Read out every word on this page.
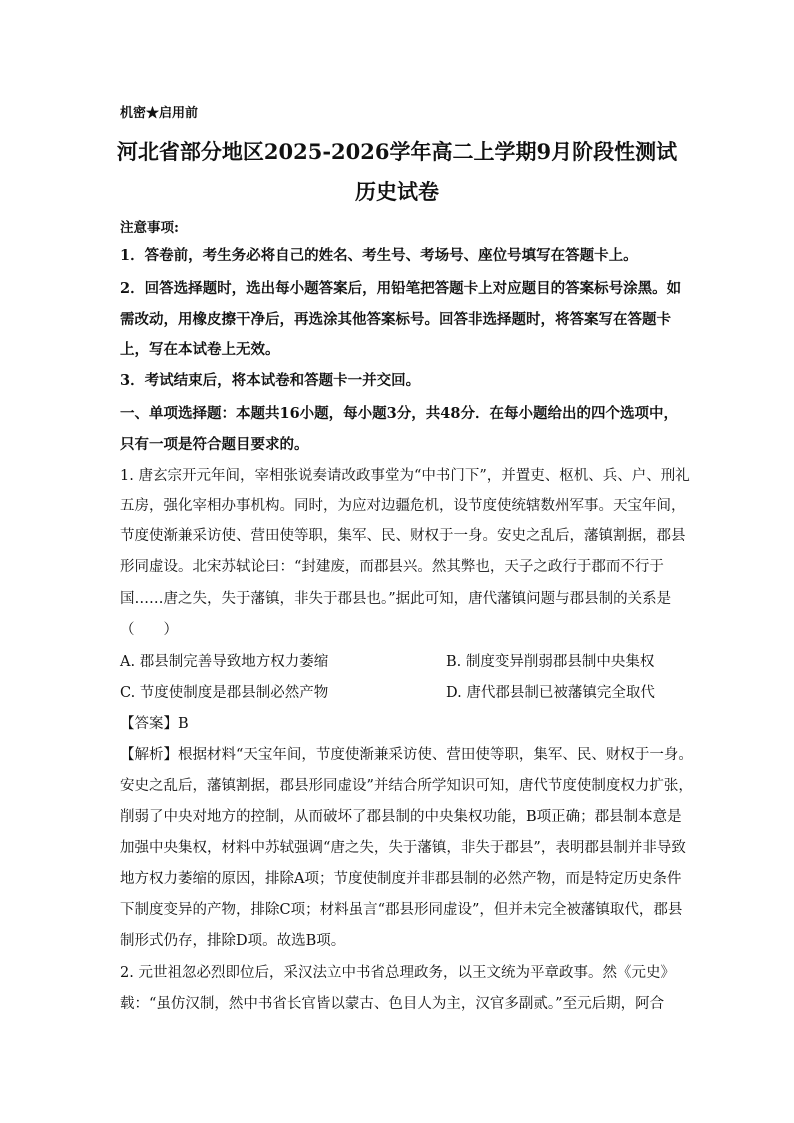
机密★启用前
河北省部分地区2025-2026学年高二上学期9月阶段性测试
历史试卷
注意事项:
1．答卷前，考生务必将自己的姓名、考生号、考场号、座位号填写在答题卡上。
2．回答选择题时，选出每小题答案后，用铅笔把答题卡上对应题目的答案标号涂黑。如
需改动，用橡皮擦干净后，再选涂其他答案标号。回答非选择题时，将答案写在答题卡
上，写在本试卷上无效。
3．考试结束后，将本试卷和答题卡一并交回。
一、单项选择题：本题共16小题，每小题3分，共48分．在每小题给出的四个选项中，
只有一项是符合题目要求的。
1. 唐玄宗开元年间，宰相张说奏请改政事堂为“中书门下”，并置吏、枢机、兵、户、刑礼
五房，强化宰相办事机构。同时，为应对边疆危机，设节度使统辖数州军事。天宝年间，
节度使渐兼采访使、营田使等职，集军、民、财权于一身。安史之乱后，藩镇割据，郡县
形同虚设。北宋苏轼论曰：“封建废，而郡县兴。然其弊也，天子之政行于郡而不行于
国……唐之失，失于藩镇，非失于郡县也。”据此可知，唐代藩镇问题与郡县制的关系是
（　　）
A. 郡县制完善导致地方权力萎缩	B. 制度变异削弱郡县制中央集权
C. 节度使制度是郡县制必然产物	D. 唐代郡县制已被藩镇完全取代
【答案】B
【解析】根据材料“天宝年间，节度使渐兼采访使、营田使等职，集军、民、财权于一身。
安史之乱后，藩镇割据，郡县形同虚设”并结合所学知识可知，唐代节度使制度权力扩张，
削弱了中央对地方的控制，从而破坏了郡县制的中央集权功能，B项正确；郡县制本意是
加强中央集权，材料中苏轼强调“唐之失，失于藩镇，非失于郡县”，表明郡县制并非导致
地方权力萎缩的原因，排除A项；节度使制度并非郡县制的必然产物，而是特定历史条件
下制度变异的产物，排除C项；材料虽言“郡县形同虚设”，但并未完全被藩镇取代，郡县
制形式仍存，排除D项。故选B项。
2. 元世祖忽必烈即位后，采汉法立中书省总理政务，以王文统为平章政事。然《元史》
载：“虽仿汉制，然中书省长官皆以蒙古、色目人为主，汉官多副贰。”至元后期，阿合
